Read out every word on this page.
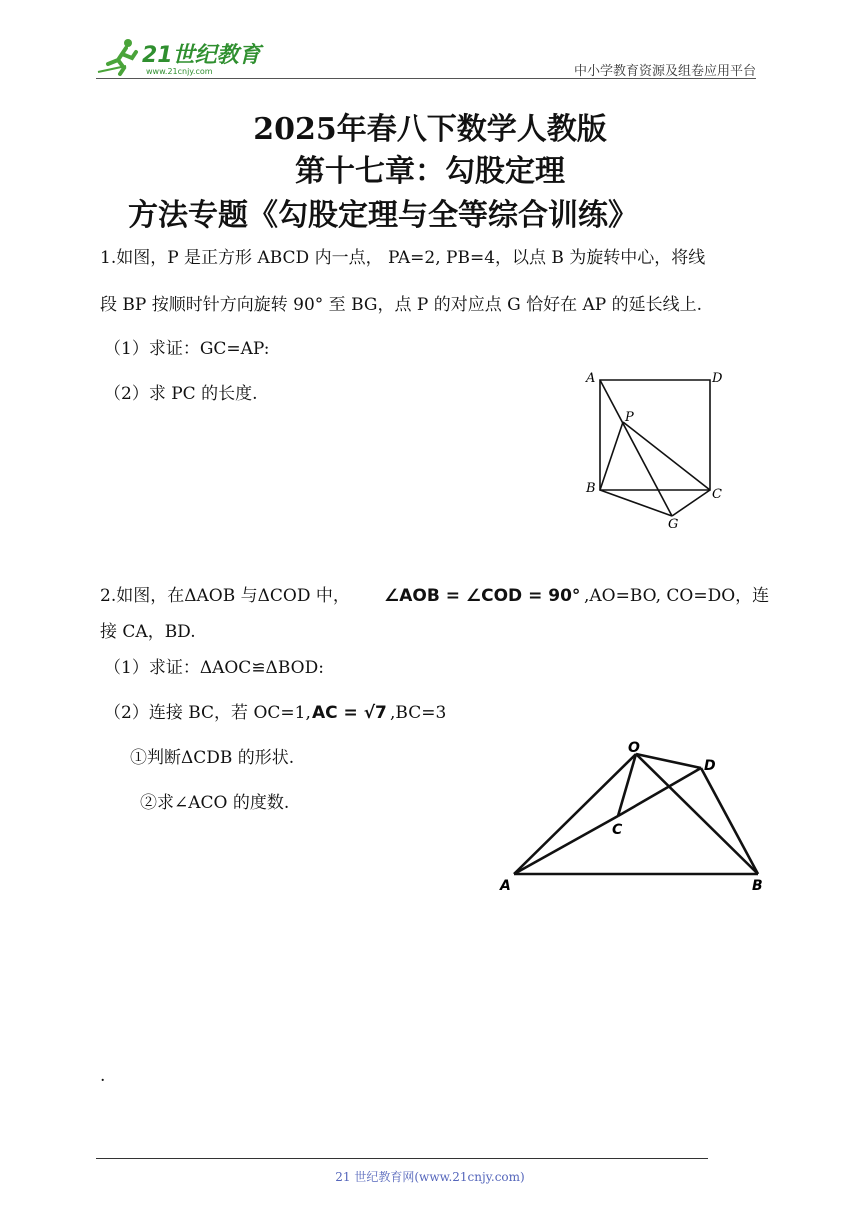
21世纪教育
www.21cnjy.com	中小学教育资源及组卷应用平台
2025年春八下数学人教版
第十七章：勾股定理
方法专题《勾股定理与全等综合训练》
1.如图，P 是正方形 ABCD 内一点， PA=2, PB=4，以点 B 为旋转中心，将线
段 BP 按顺时针方向旋转 90° 至 BG，点 P 的对应点 G 恰好在 AP 的延长线上.
（1）求证：GC=AP:
（2）求 PC 的长度.
A	D
P
B	C
G
2.如图，在ΔAOB 与ΔCOD 中， ∠AOB = ∠COD = 90° ,AO=BO, CO=DO，连
接 CA，BD.
（1）求证：ΔAOC≌ΔBOD:
（2）连接 BC，若 OC=1, AC = √7 ,BC=3
①判断ΔCDB 的形状.
②求∠ACO 的度数.
O
D
C
A	B
.
21 世纪教育网(www.21cnjy.com)
